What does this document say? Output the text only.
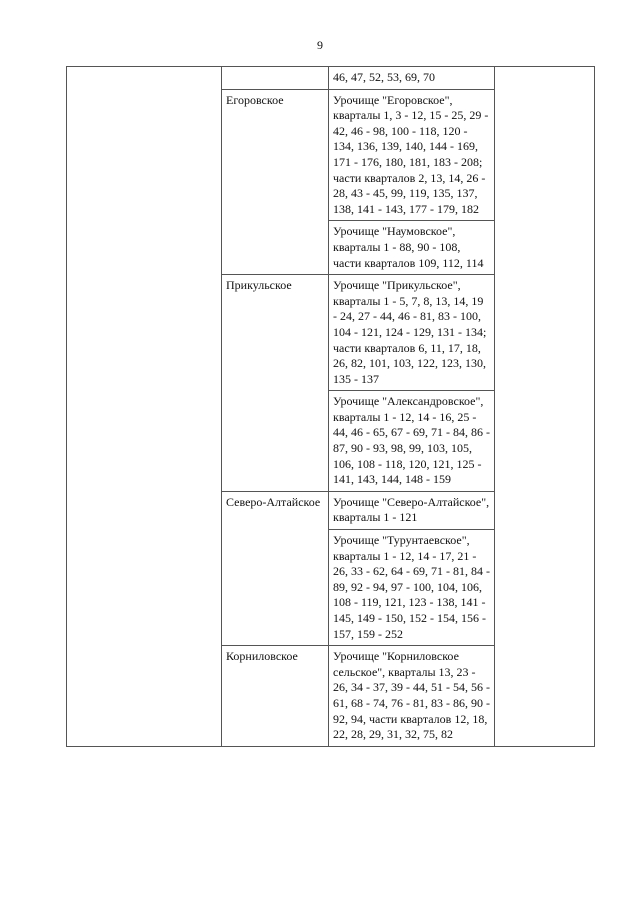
9
		46, 47, 52, 53, 69, 70	
	Егоровское	Урочище "Егоровское", кварталы 1, 3 - 12, 15 - 25, 29 - 42, 46 - 98, 100 - 118, 120 - 134, 136, 139, 140, 144 - 169, 171 - 176, 180, 181, 183 - 208; части кварталов 2, 13, 14, 26 - 28, 43 - 45, 99, 119, 135, 137, 138, 141 - 143, 177 - 179, 182	
		Урочище "Наумовское", кварталы 1 - 88, 90 - 108, части кварталов 109, 112, 114	
	Прикульское	Урочище "Прикульское", кварталы 1 - 5, 7, 8, 13, 14, 19 - 24, 27 - 44, 46 - 81, 83 - 100, 104 - 121, 124 - 129, 131 - 134; части кварталов 6, 11, 17, 18, 26, 82, 101, 103, 122, 123, 130, 135 - 137	
		Урочище "Александровское", кварталы 1 - 12, 14 - 16, 25 - 44, 46 - 65, 67 - 69, 71 - 84, 86 - 87, 90 - 93, 98, 99, 103, 105, 106, 108 - 118, 120, 121, 125 - 141, 143, 144, 148 - 159	
	Северо-Алтайское	Урочище "Северо-Алтайское", кварталы 1 - 121	
		Урочище "Турунтаевское", кварталы 1 - 12, 14 - 17, 21 - 26, 33 - 62, 64 - 69, 71 - 81, 84 - 89, 92 - 94, 97 - 100, 104, 106, 108 - 119, 121, 123 - 138, 141 - 145, 149 - 150, 152 - 154, 156 - 157, 159 - 252	
	Корниловское	Урочище "Корниловское сельское", кварталы 13, 23 - 26, 34 - 37, 39 - 44, 51 - 54, 56 - 61, 68 - 74, 76 - 81, 83 - 86, 90 - 92, 94, части кварталов 12, 18, 22, 28, 29, 31, 32, 75, 82	
